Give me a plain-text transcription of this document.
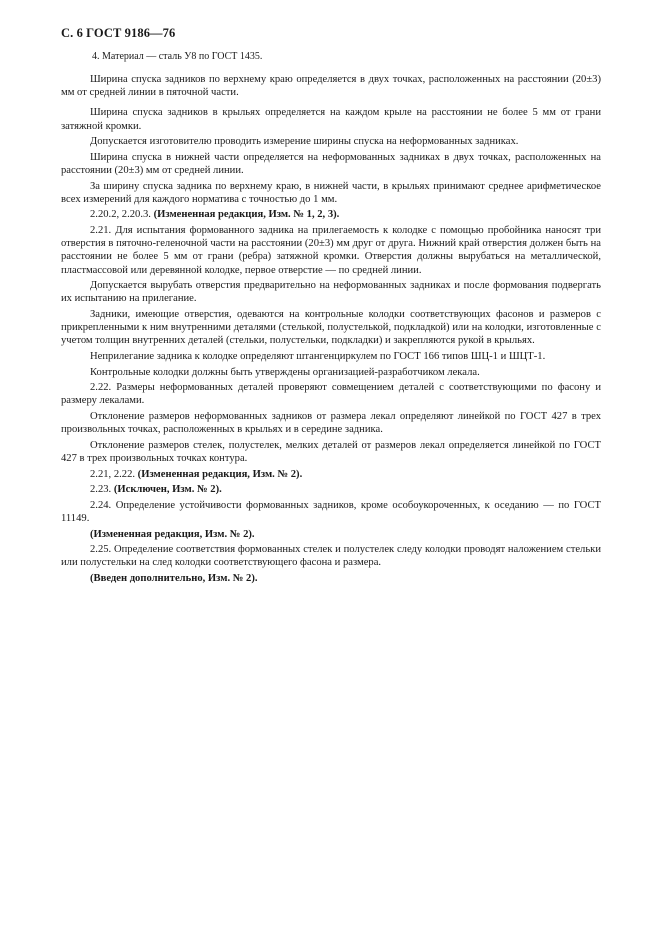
С. 6 ГОСТ 9186—76
4. Материал — сталь У8 по ГОСТ 1435.

Ширина спуска задников по верхнему краю определяется в двух точках, расположенных на расстоянии (20±3) мм от средней линии в пяточной части.

Ширина спуска задников в крыльях определяется на каждом крыле на расстоянии не более 5 мм от грани затяжной кромки.

Допускается изготовителю проводить измерение ширины спуска на неформованных задниках.

Ширина спуска в нижней части определяется на неформованных задниках в двух точках, расположенных на расстоянии (20±3) мм от средней линии.

За ширину спуска задника по верхнему краю, в нижней части, в крыльях принимают среднее арифметическое всех измерений для каждого норматива с точностью до 1 мм.

2.20.2, 2.20.3. (Измененная редакция, Изм. № 1, 2, 3).

2.21. Для испытания формованного задника на прилегаемость к колодке с помощью пробойника наносят три отверстия в пяточно-геленочной части на расстоянии (20±3) мм друг от друга. Нижний край отверстия должен быть на расстоянии не более 5 мм от грани (ребра) затяжной кромки. Отверстия должны вырубаться на металлической, пластмассовой или деревянной колодке, первое отверстие — по средней линии.

Допускается вырубать отверстия предварительно на неформованных задниках и после формования подвергать их испытанию на прилегание.

Задники, имеющие отверстия, одеваются на контрольные колодки соответствующих фасонов и размеров с прикрепленными к ним внутренними деталями (стелькой, полустелькой, подкладкой) или на колодки, изготовленные с учетом толщин внутренних деталей (стельки, полустельки, подкладки) и закрепляются рукой в крыльях.

Неприлегание задника к колодке определяют штангенциркулем по ГОСТ 166 типов ШЦ-1 и ШЦТ-1.

Контрольные колодки должны быть утверждены организацией-разработчиком лекала.

2.22. Размеры неформованных деталей проверяют совмещением деталей с соответствующими по фасону и размеру лекалами.

Отклонение размеров неформованных задников от размера лекал определяют линейкой по ГОСТ 427 в трех произвольных точках, расположенных в крыльях и в середине задника.

Отклонение размеров стелек, полустелек, мелких деталей от размеров лекал определяется линейкой по ГОСТ 427 в трех произвольных точках контура.

2.21, 2.22. (Измененная редакция, Изм. № 2).

2.23. (Исключен, Изм. № 2).

2.24. Определение устойчивости формованных задников, кроме особоукороченных, к оседанию — по ГОСТ 11149.

(Измененная редакция, Изм. № 2).

2.25. Определение соответствия формованных стелек и полустелек следу колодки проводят наложением стельки или полустельки на след колодки соответствующего фасона и размера.

(Введен дополнительно, Изм. № 2).
